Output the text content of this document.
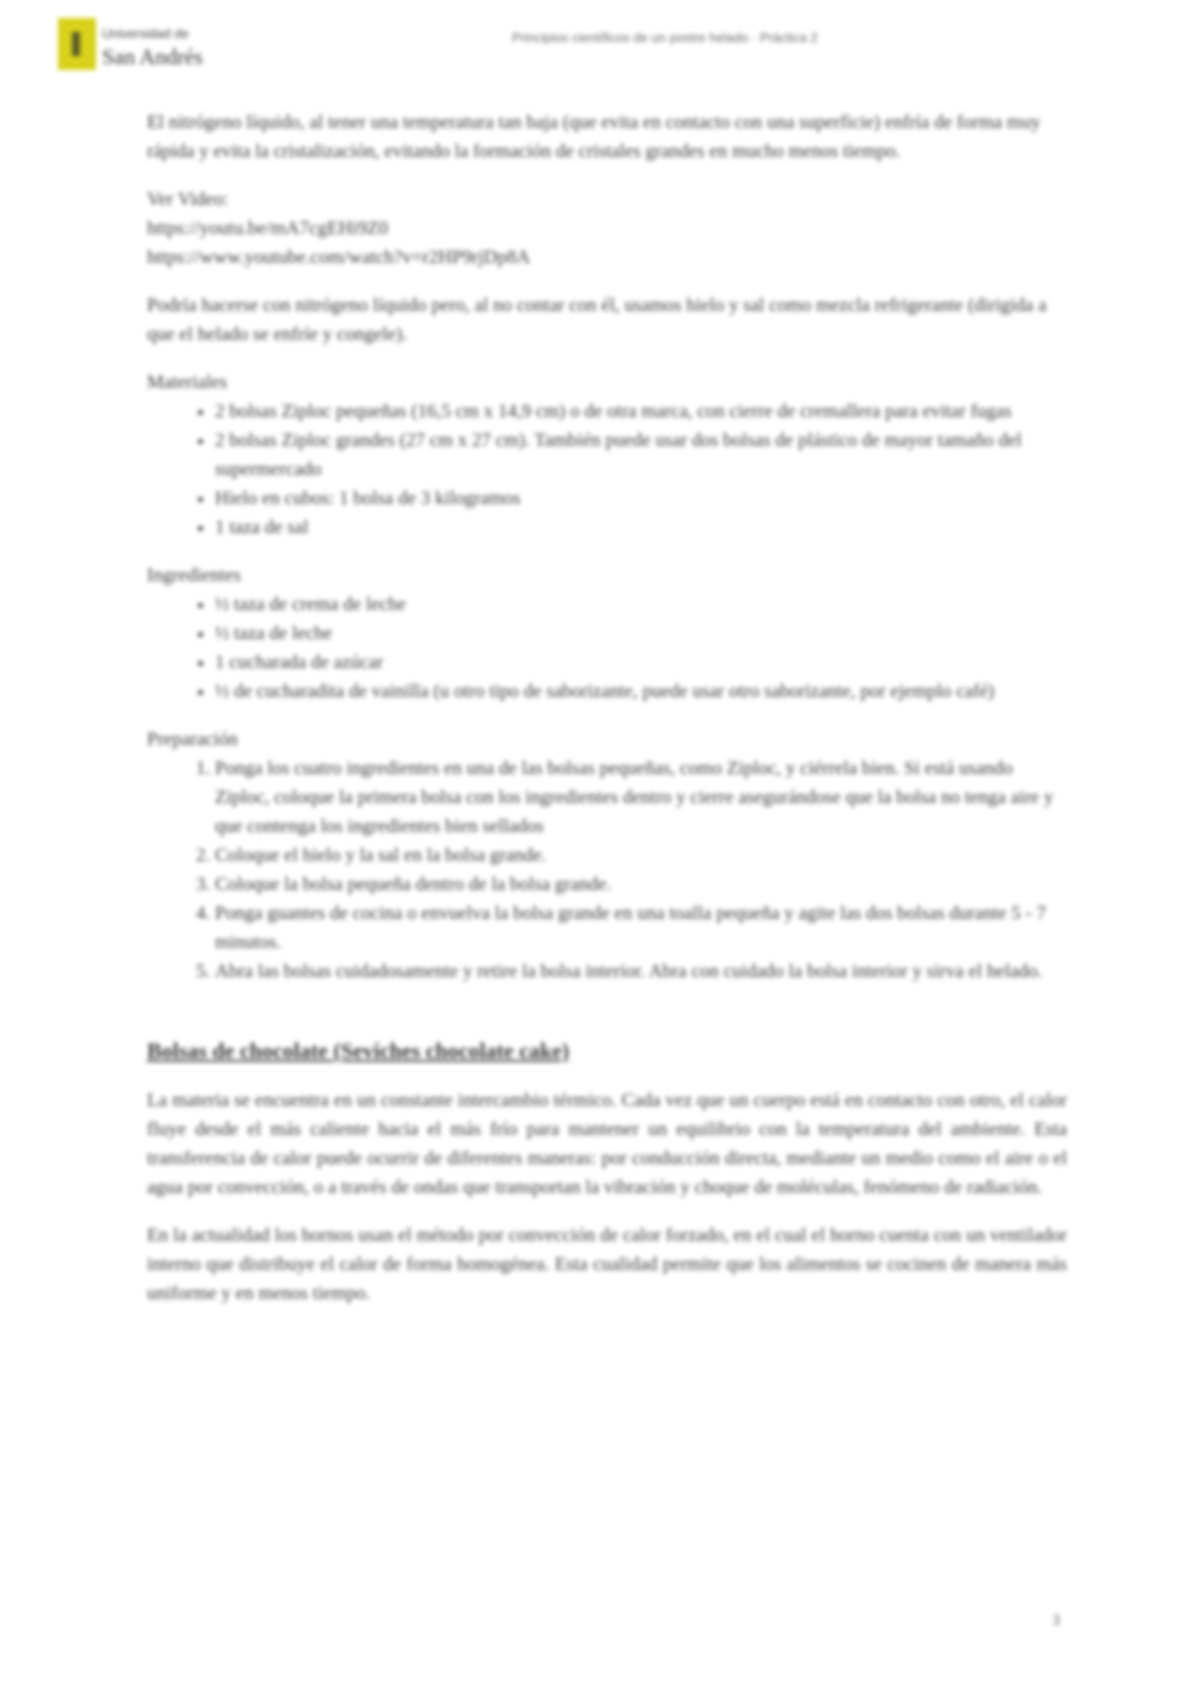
Universidad de
San Andrés
Principios científicos de un postre helado · Práctica 2

El nitrógeno líquido, al tener una temperatura tan baja (que evita en contacto con una superficie) enfría de forma muy rápida y evita la cristalización, evitando la formación de cristales grandes en mucho menos tiempo.

Ver Video:

https://youtu.be/mA7cgEHi9Z0

https://www.youtube.com/watch?v=r2HP9rjDp8A

Podría hacerse con nitrógeno líquido pero, al no contar con él, usamos hielo y sal como mezcla refrigerante (dirigida a que el helado se enfríe y congele).

Materiales

• 2 bolsas Ziploc pequeñas (16,5 cm x 14,9 cm) o de otra marca, con cierre de cremallera para evitar fugas
• 2 bolsas Ziploc grandes (27 cm x 27 cm). También puede usar dos bolsas de plástico de mayor tamaño del supermercado
• Hielo en cubos: 1 bolsa de 3 kilogramos
• 1 taza de sal

Ingredientes

• ½ taza de crema de leche
• ½ taza de leche
• 1 cucharada de azúcar
• ½ de cucharadita de vainilla (u otro tipo de saborizante, puede usar otro saborizante, por ejemplo café)

Preparación

1. Ponga los cuatro ingredientes en una de las bolsas pequeñas, como Ziploc, y ciérrela bien. Si está usando Ziploc, coloque la primera bolsa con los ingredientes dentro y cierre asegurándose que la bolsa no tenga aire y que contenga los ingredientes bien sellados
2. Coloque el hielo y la sal en la bolsa grande.
3. Coloque la bolsa pequeña dentro de la bolsa grande.
4. Ponga guantes de cocina o envuelva la bolsa grande en una toalla pequeña y agite las dos bolsas durante 5 - 7 minutos.
5. Abra las bolsas cuidadosamente y retire la bolsa interior. Abra con cuidado la bolsa interior y sirva el helado.
Bolsas de chocolate (Seviches chocolate cake)

La materia se encuentra en un constante intercambio térmico. Cada vez que un cuerpo está en contacto con otro, el calor fluye desde el más caliente hacia el más frío para mantener un equilibrio con la temperatura del ambiente. Esta transferencia de calor puede ocurrir de diferentes maneras: por conducción directa, mediante un medio como el aire o el agua por convección, o a través de ondas que transportan la vibración y choque de moléculas, fenómeno de radiación.

En la actualidad los hornos usan el método por convección de calor forzado, en el cual el horno cuenta con un ventilador interno que distribuye el calor de forma homogénea. Esta cualidad permite que los alimentos se cocinen de manera más uniforme y en menos tiempo.

3
